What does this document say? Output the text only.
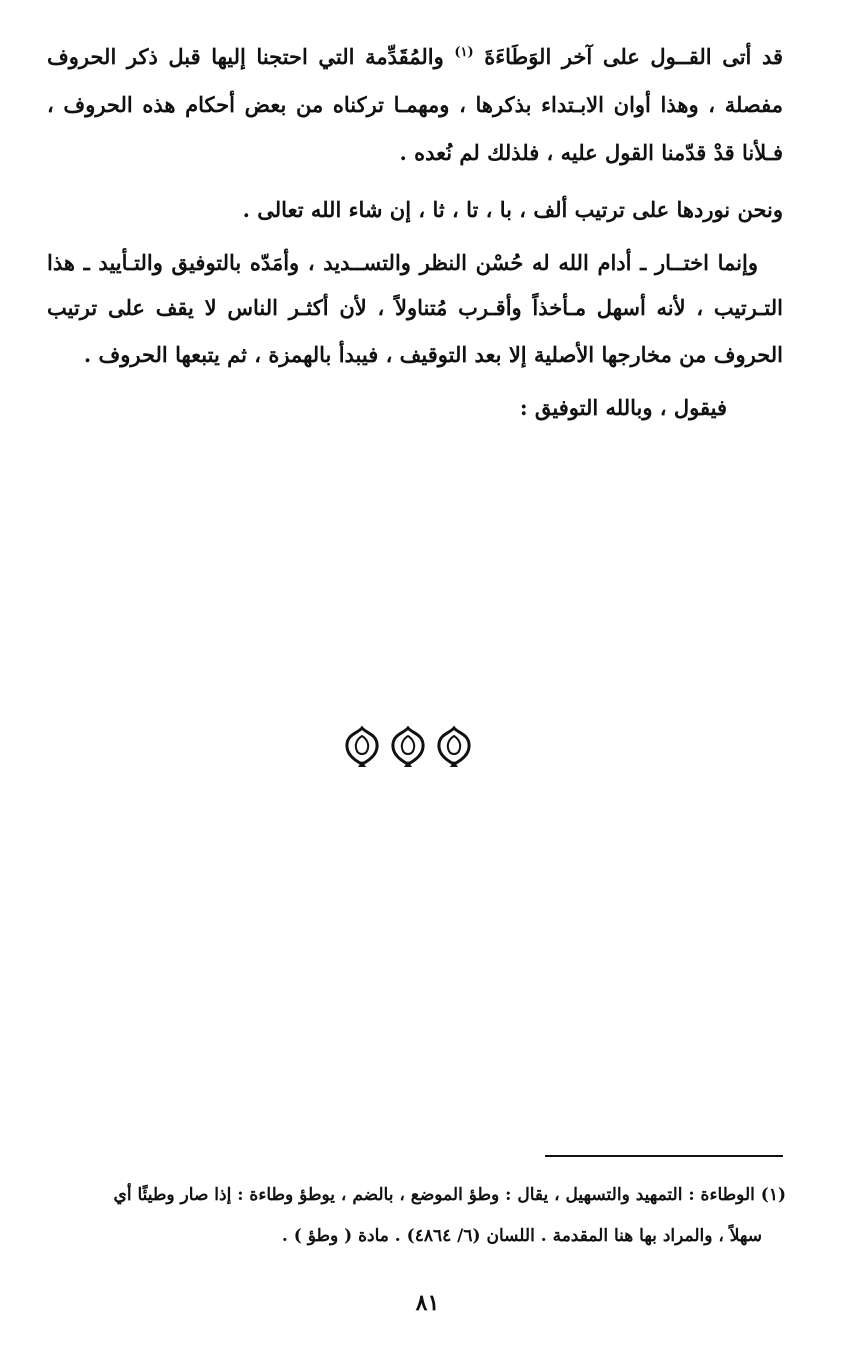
قد أتى القــول على آخر الوَطَاءَةَ $^{(١)}$ والمُقَدِّمة التي احتجنا إليها قبل ذكر الحروف
مفصلة ، وهذا أوان الابـتداء بذكرها ، ومهمـا تركناه من بعض أحكام هذه الحروف ،
فـلأنا قدْ قدّمنا القول عليه ، فلذلك لم نُعده .
ونحن نوردها على ترتيب ألف ، با ، تا ، ثا ، إن شاء الله تعالى .
وإنما اختــار ـ أدام الله له حُسْن النظر والتســديد ، وأمَدّه بالتوفيق والتـأييد ـ هذا
التـرتيب ، لأنه أسهل مـأخذاً وأقـرب مُتناولاً ، لأن أكثـر الناس لا يقف على ترتيب
الحروف من مخارجها الأصلية إلا بعد التوقيف ، فيبدأ بالهمزة ، ثم يتبعها الحروف .
فيقول ، وبالله التوفيق :
(١) الوطاءة : التمهيد والتسهيل ، يقال : وطؤ الموضع ، بالضم ، يوطؤ وطاءة : إذا صار وطيئًا أي
سهلاً ، والمراد بها هنا المقدمة . اللسان (٦/ ٤٨٦٤) . مادة ( وطؤ ) .
٨١
